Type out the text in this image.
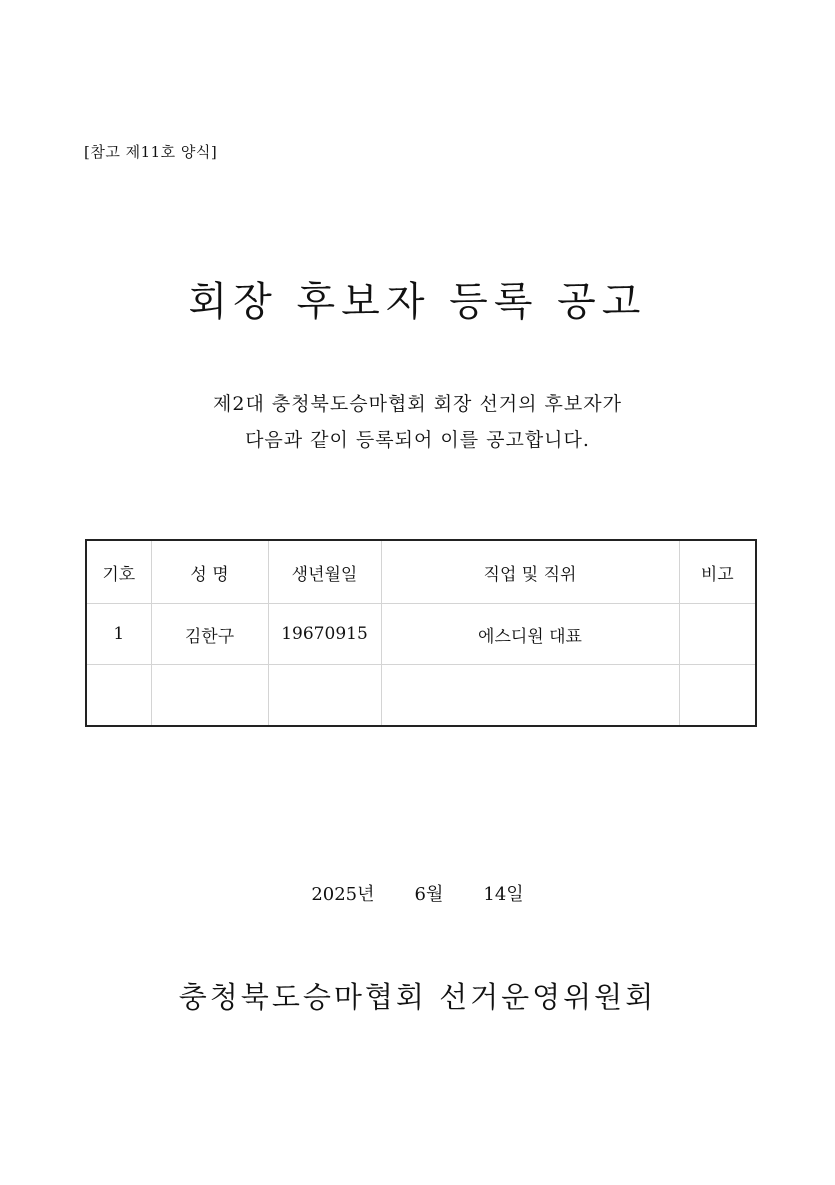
[참고 제11호 양식]
회장 후보자 등록 공고
제2대 충청북도승마협회 회장 선거의 후보자가
다음과 같이 등록되어 이를 공고합니다.
기호	성 명	생년월일	직업 및 직위	비고
1	김한구	19670915	에스디원 대표	

2025년 6월 14일
충청북도승마협회 선거운영위원회
